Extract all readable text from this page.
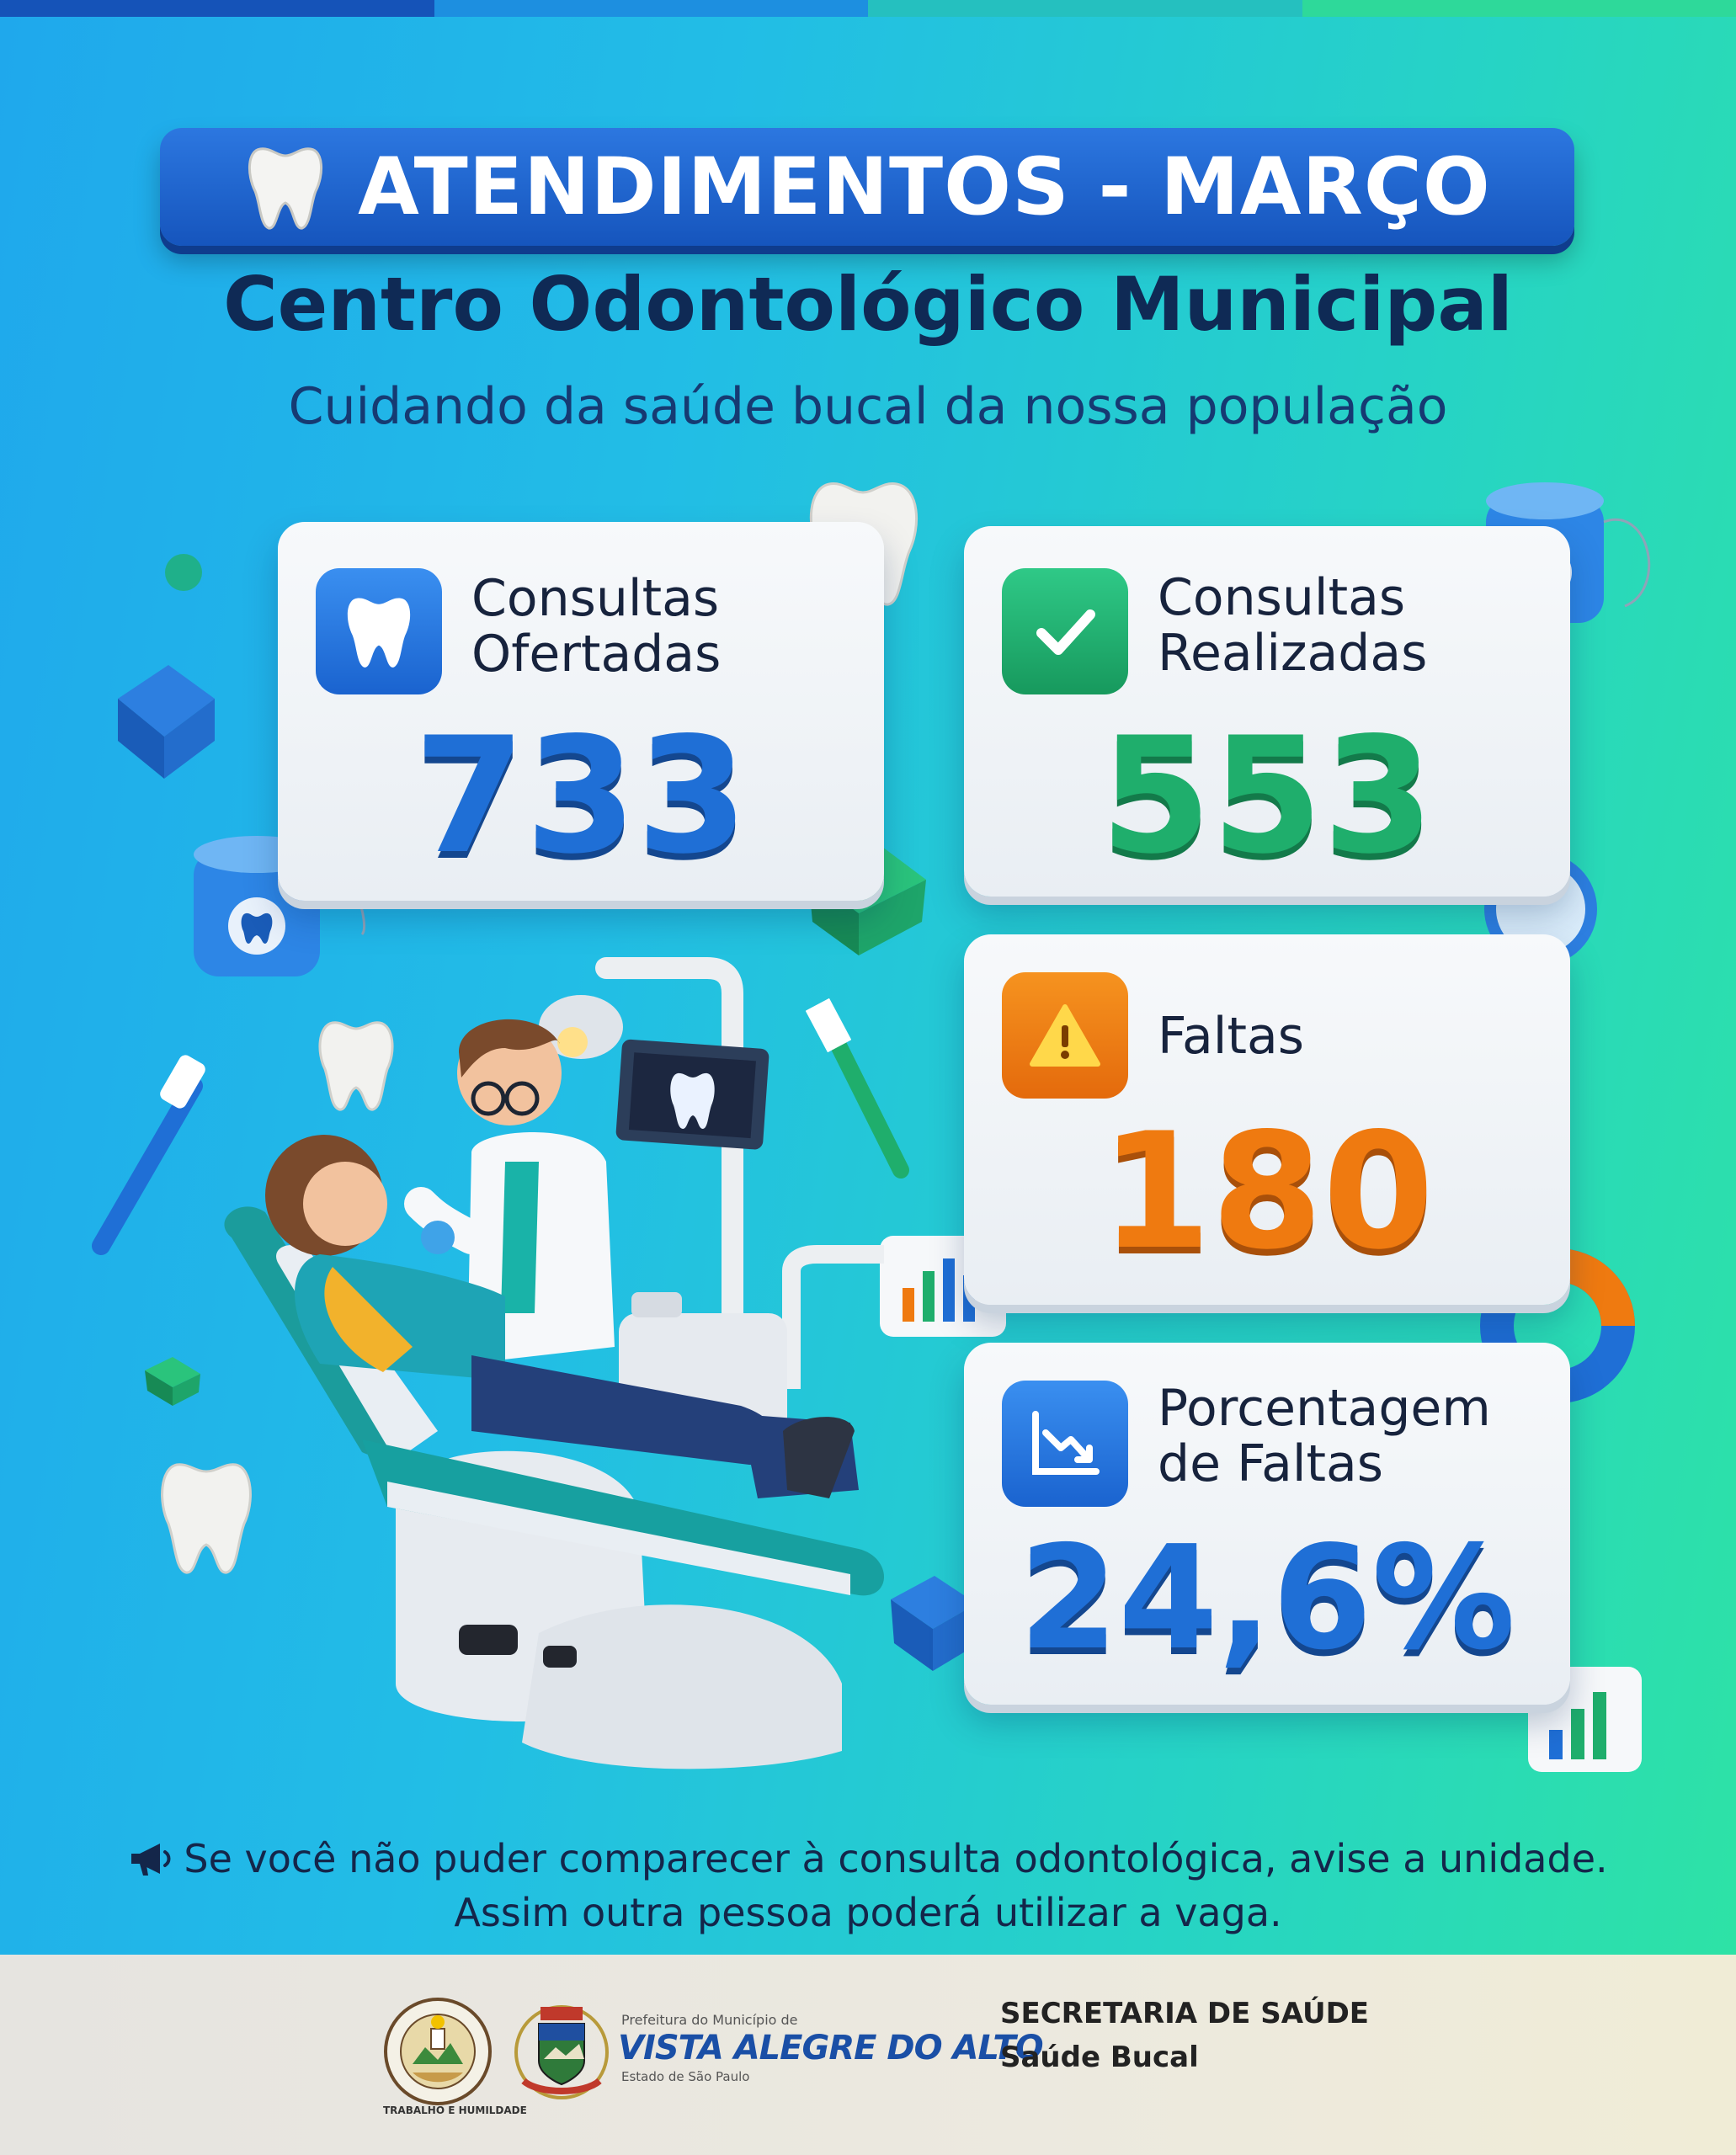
ATENDIMENTOS - MARÇO
Centro Odontológico Municipal
Cuidando da saúde bucal da nossa população
Consultas
Ofertadas
733
Consultas
Realizadas
553
Faltas
180
Porcentagem
de Faltas
24,6%
Se você não puder comparecer à consulta odontológica, avise a unidade.
Assim outra pessoa poderá utilizar a vaga.
TRABALHO E HUMILDADE
Prefeitura do Município de
VISTA ALEGRE DO ALTO
Estado de São Paulo
SECRETARIA DE SAÚDE
Saúde Bucal
